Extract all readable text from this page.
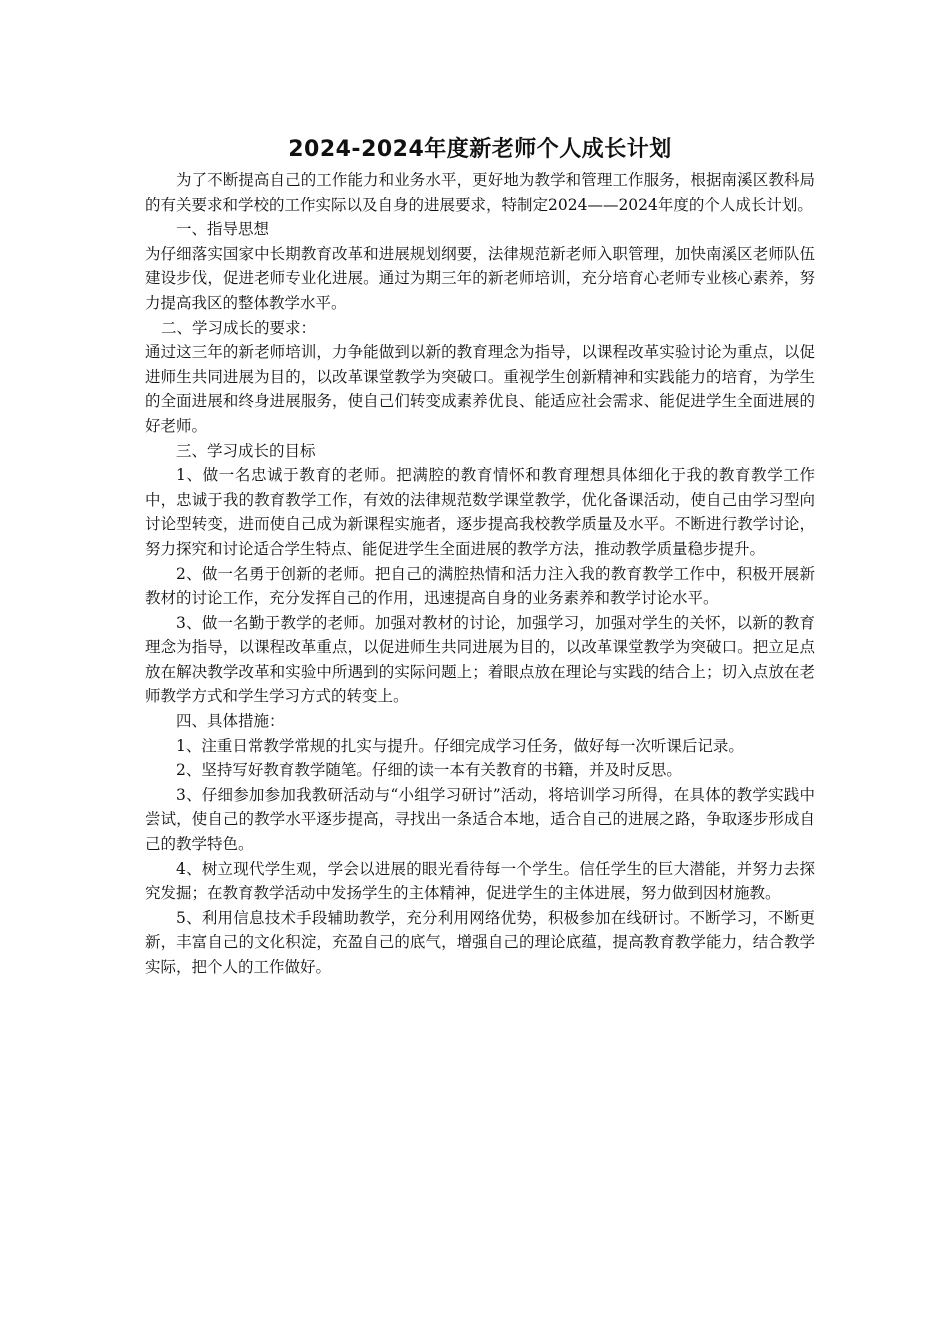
2024-2024年度新老师个人成长计划

为了不断提高自己的工作能力和业务水平，更好地为教学和管理工作服务，根据南溪区教科局的有关要求和学校的工作实际以及自身的进展要求，特制定2024——2024年度的个人成长计划。

一、指导思想

为仔细落实国家中长期教育改革和进展规划纲要，法律规范新老师入职管理，加快南溪区老师队伍建设步伐，促进老师专业化进展。通过为期三年的新老师培训，充分培育心老师专业核心素养，努力提高我区的整体教学水平。

二、学习成长的要求：

通过这三年的新老师培训，力争能做到以新的教育理念为指导，以课程改革实验讨论为重点，以促进师生共同进展为目的，以改革课堂教学为突破口。重视学生创新精神和实践能力的培育，为学生的全面进展和终身进展服务，使自己们转变成素养优良、能适应社会需求、能促进学生全面进展的好老师。

三、学习成长的目标

1、做一名忠诚于教育的老师。把满腔的教育情怀和教育理想具体细化于我的教育教学工作中，忠诚于我的教育教学工作，有效的法律规范数学课堂教学，优化备课活动，使自己由学习型向讨论型转变，进而使自己成为新课程实施者，逐步提高我校教学质量及水平。不断进行教学讨论，努力探究和讨论适合学生特点、能促进学生全面进展的教学方法，推动教学质量稳步提升。

2、做一名勇于创新的老师。把自己的满腔热情和活力注入我的教育教学工作中，积极开展新教材的讨论工作，充分发挥自己的作用，迅速提高自身的业务素养和教学讨论水平。

3、做一名勤于教学的老师。加强对教材的讨论，加强学习，加强对学生的关怀，以新的教育理念为指导，以课程改革重点，以促进师生共同进展为目的，以改革课堂教学为突破口。把立足点放在解决教学改革和实验中所遇到的实际问题上；着眼点放在理论与实践的结合上；切入点放在老师教学方式和学生学习方式的转变上。

四、具体措施：

1、注重日常教学常规的扎实与提升。仔细完成学习任务，做好每一次听课后记录。

2、坚持写好教育教学随笔。仔细的读一本有关教育的书籍，并及时反思。

3、仔细参加参加我教研活动与“小组学习研讨”活动，将培训学习所得，在具体的教学实践中尝试，使自己的教学水平逐步提高，寻找出一条适合本地，适合自己的进展之路，争取逐步形成自己的教学特色。

4、树立现代学生观，学会以进展的眼光看待每一个学生。信任学生的巨大潜能，并努力去探究发掘；在教育教学活动中发扬学生的主体精神，促进学生的主体进展，努力做到因材施教。

5、利用信息技术手段辅助教学，充分利用网络优势，积极参加在线研讨。不断学习，不断更新，丰富自己的文化积淀，充盈自己的底气，增强自己的理论底蕴，提高教育教学能力，结合教学实际，把个人的工作做好。
